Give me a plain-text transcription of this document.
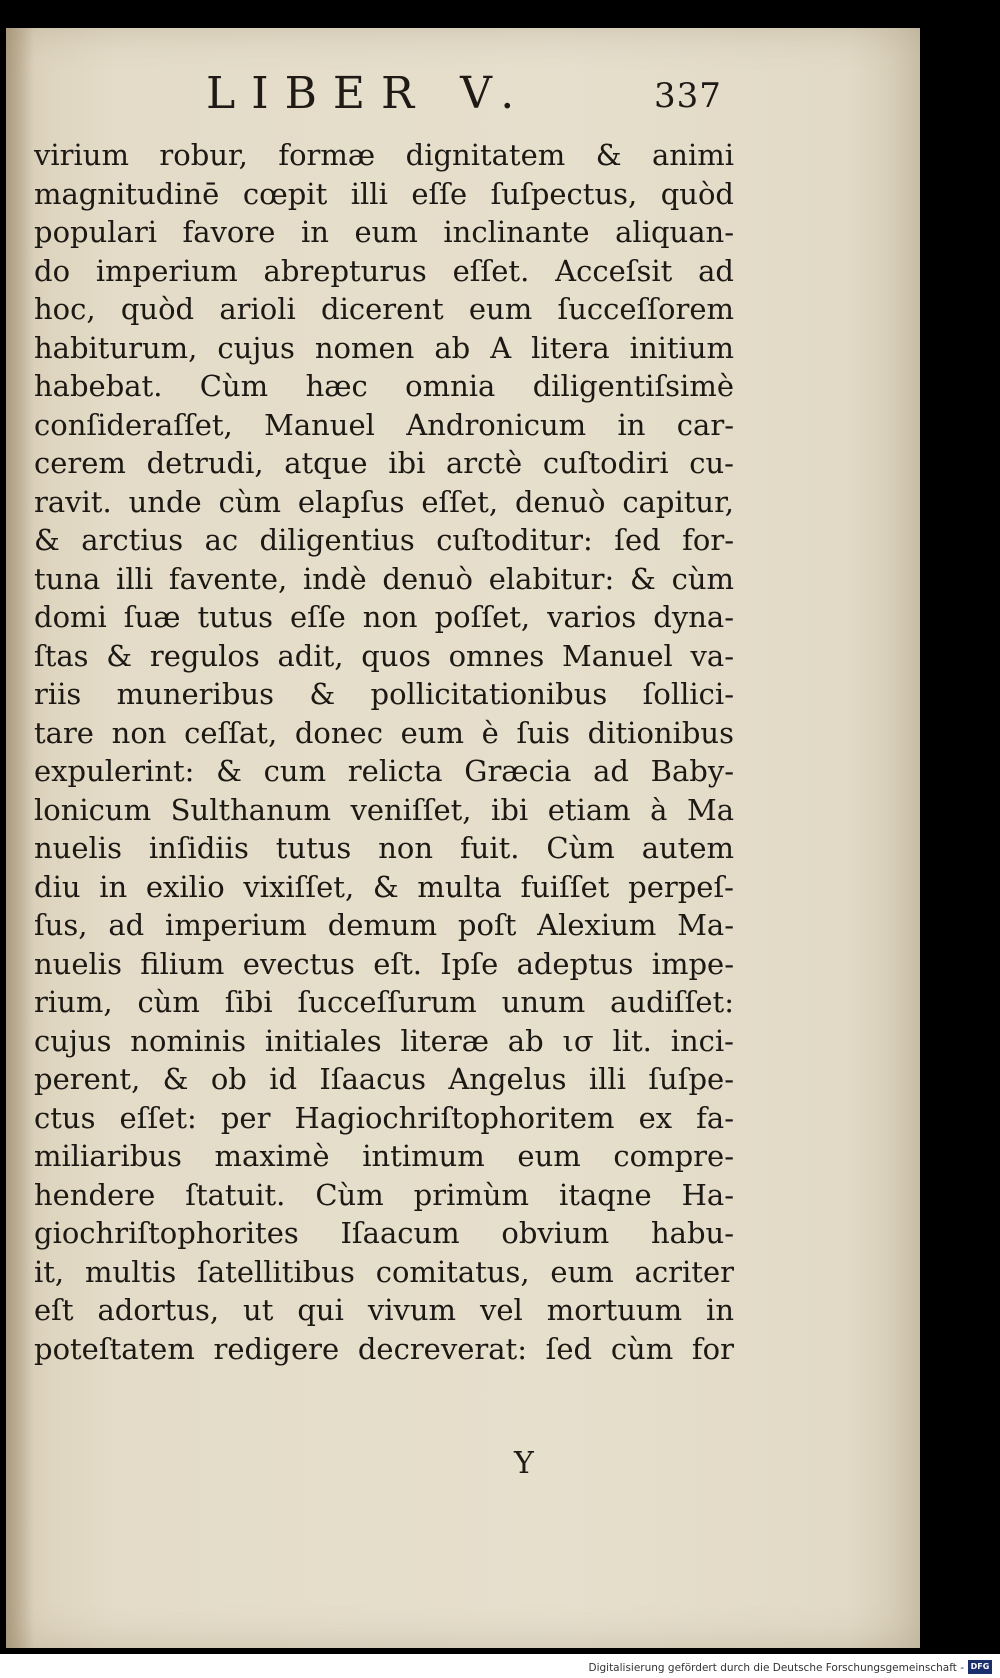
LIBER V.	337
virium robur, formæ dignitatem & animi
magnitudinē cœpit illi eſſe ſuſpectus, quòd
populari favore in eum inclinante aliquan-
do imperium abrepturus eſſet. Acceſsit ad
hoc, quòd arioli dicerent eum ſucceſſorem
habiturum, cujus nomen ab A litera initium
habebat. Cùm hæc omnia diligentiſsimè
conſideraſſet, Manuel Andronicum in car-
cerem detrudi, atque ibi arctè cuſtodiri cu-
ravit. unde cùm elapſus eſſet, denuò capitur,
& arctius ac diligentius cuſtoditur: ſed for-
tuna illi favente, indè denuò elabitur: & cùm
domi ſuæ tutus eſſe non poſſet, varios dyna-
ſtas & regulos adit, quos omnes Manuel va-
riis muneribus & pollicitationibus ſollici-
tare non ceſſat, donec eum è ſuis ditionibus
expulerint: & cum relicta Græcia ad Baby-
lonicum Sulthanum veniſſet, ibi etiam à Ma
nuelis inſidiis tutus non fuit. Cùm autem
diu in exilio vixiſſet, & multa fuiſſet perpeſ-
ſus, ad imperium demum poſt Alexium Ma-
nuelis filium evectus eſt. Ipſe adeptus impe-
rium, cùm ſibi ſucceſſurum unum audiſſet:
cujus nominis initiales literæ ab ισ lit. inci-
perent, & ob id Iſaacus Angelus illi ſuſpe-
ctus eſſet: per Hagiochriſtophoritem ex fa-
miliaribus maximè intimum eum compre-
hendere ſtatuit. Cùm primùm itaqne Ha-
giochriſtophorites Iſaacum obvium habu-
it, multis ſatellitibus comitatus, eum acriter
eſt adortus, ut qui vivum vel mortuum in
poteſtatem redigere decreverat: ſed cùm for
Y
Digitalisierung gefördert durch die Deutsche Forschungsgemeinschaft - DFG
